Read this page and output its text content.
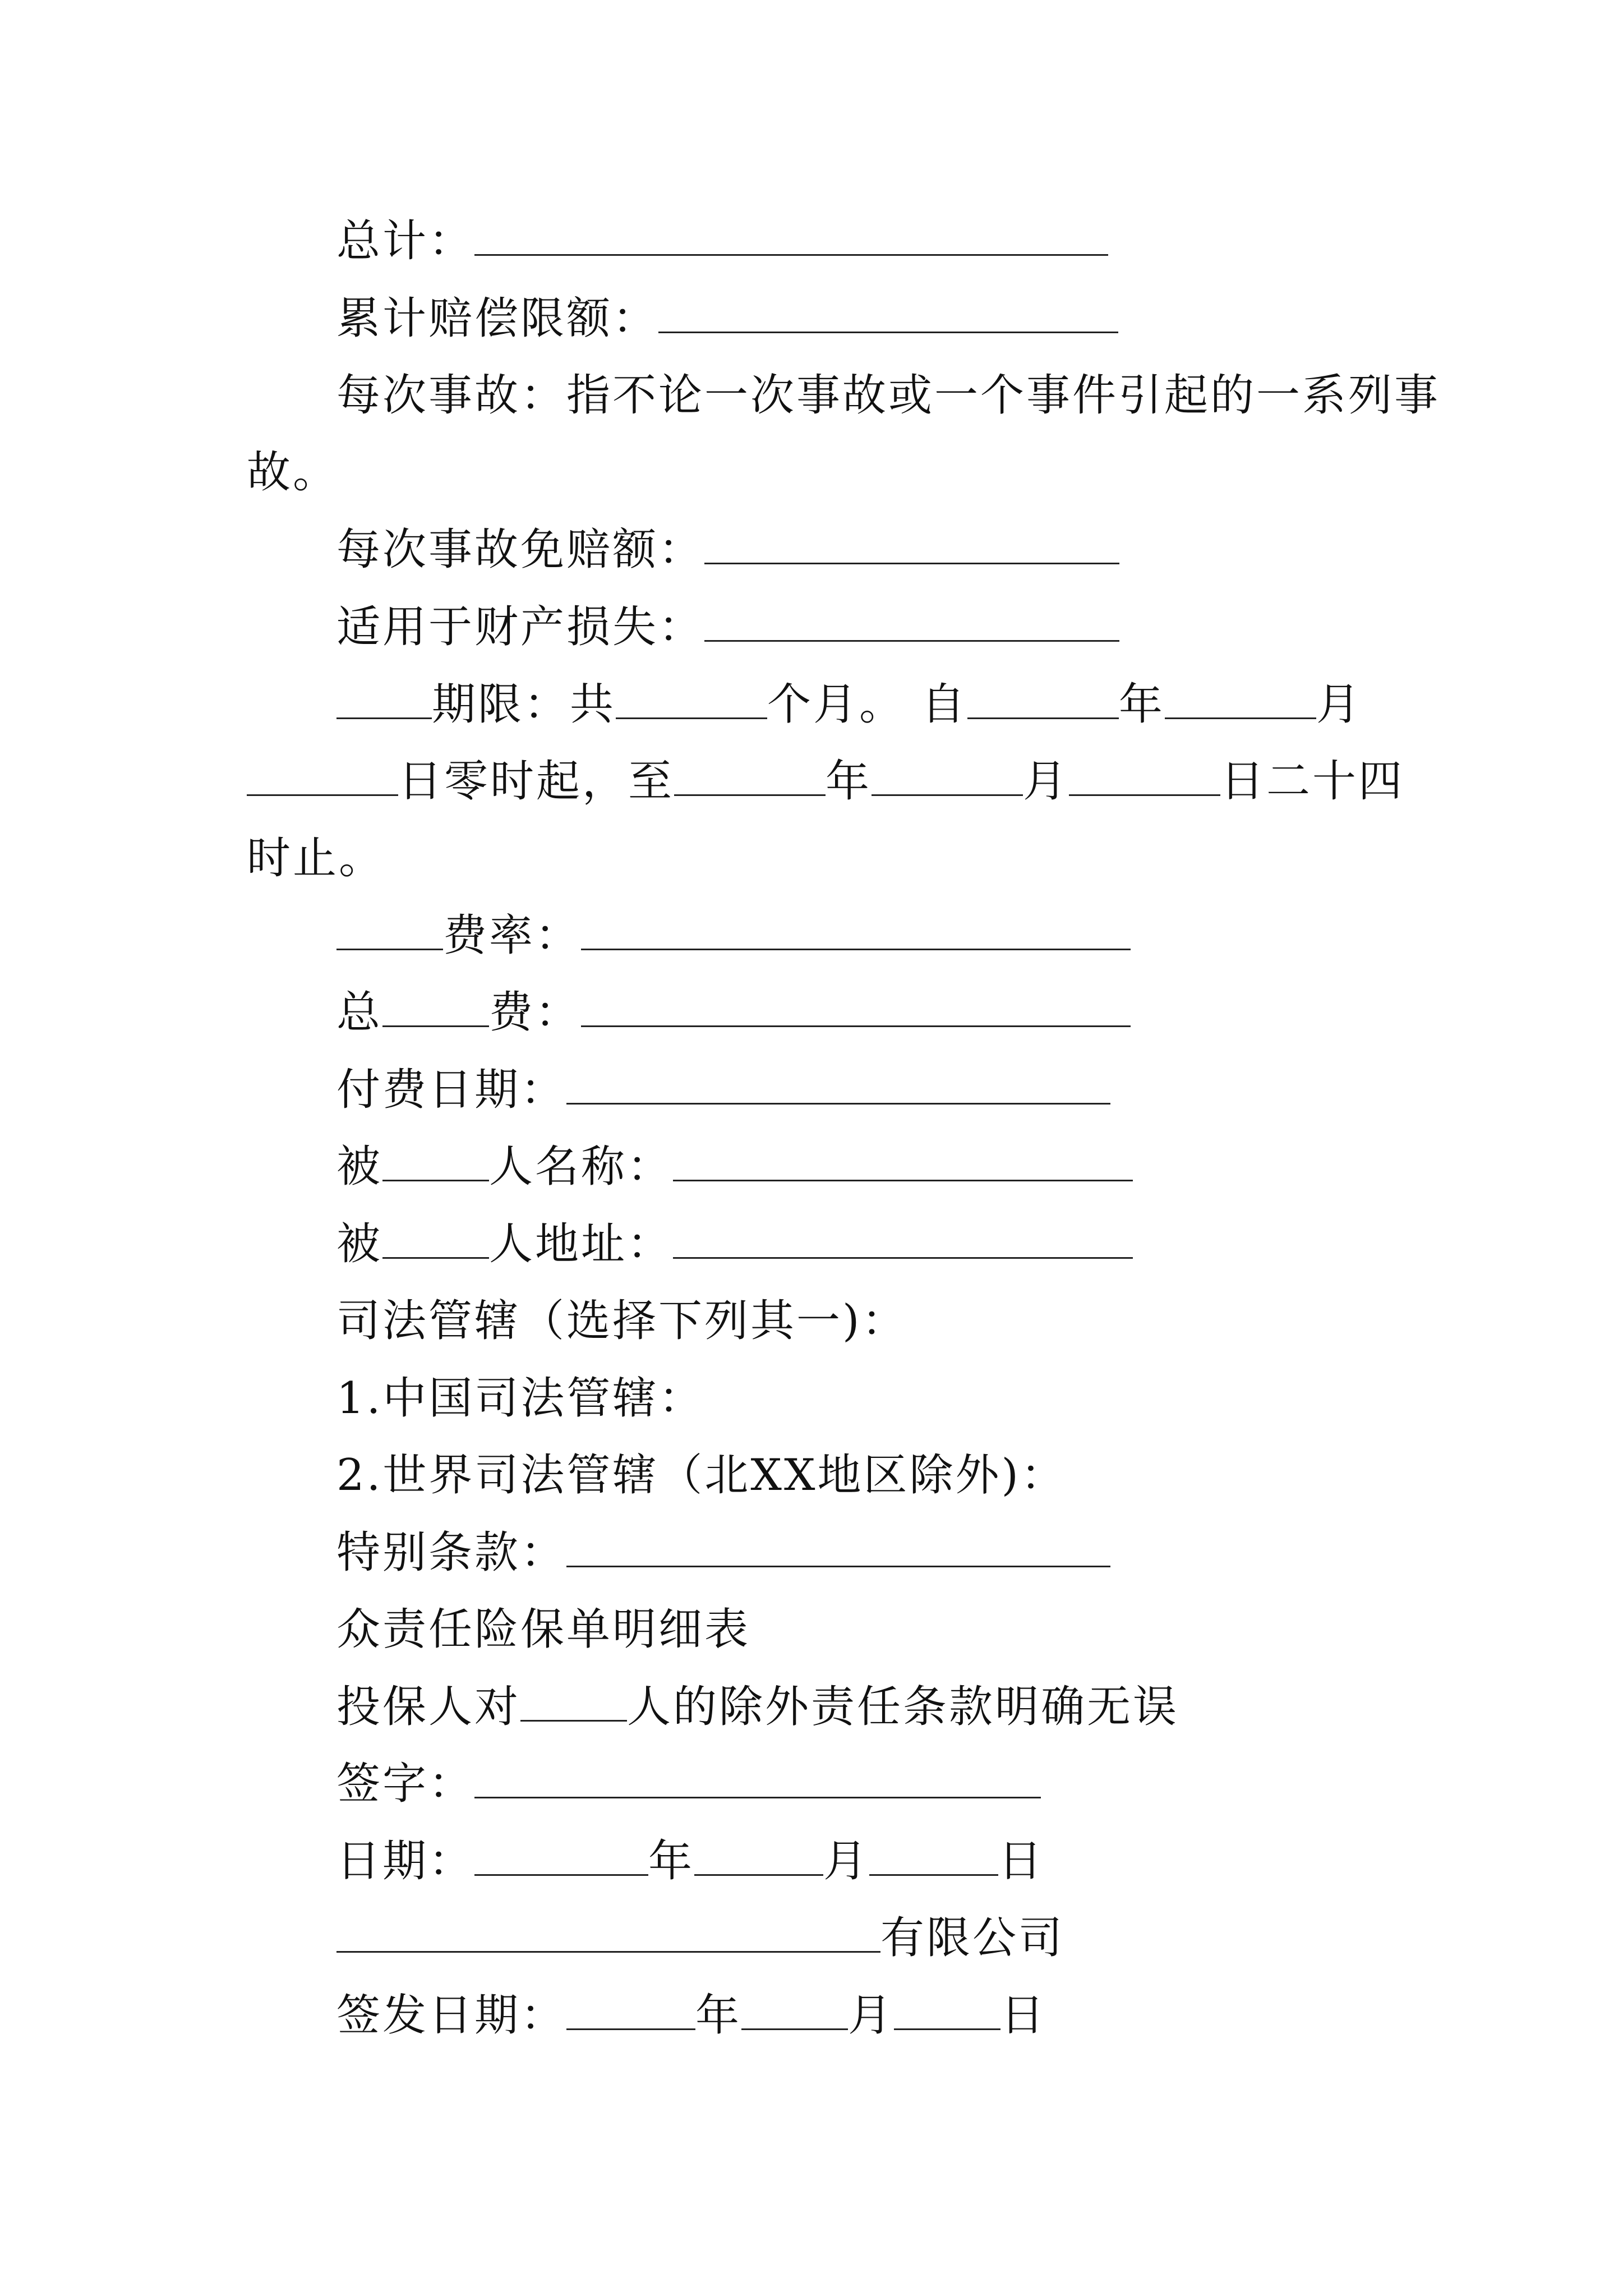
总计：
累计赔偿限额：
每次事故：指不论一次事故或一个事件引起的一系列事
故。
每次事故免赔额：
适用于财产损失：
期限：共	个月。 自	年	月
日零时起，至	年	月	日二十四
时止。
费率：
总 费：
付费日期：
被 人名称：
被 人地址：
司法管辖（选择下列其一)：
1.中国司法管辖：
2.世界司法管辖（北XX地区除外)：
特别条款：
众责任险保单明细表
投保人对 人的除外责任条款明确无误
签字：
日期：	年	月	日
有限公司
签发日期：	年 月 日
